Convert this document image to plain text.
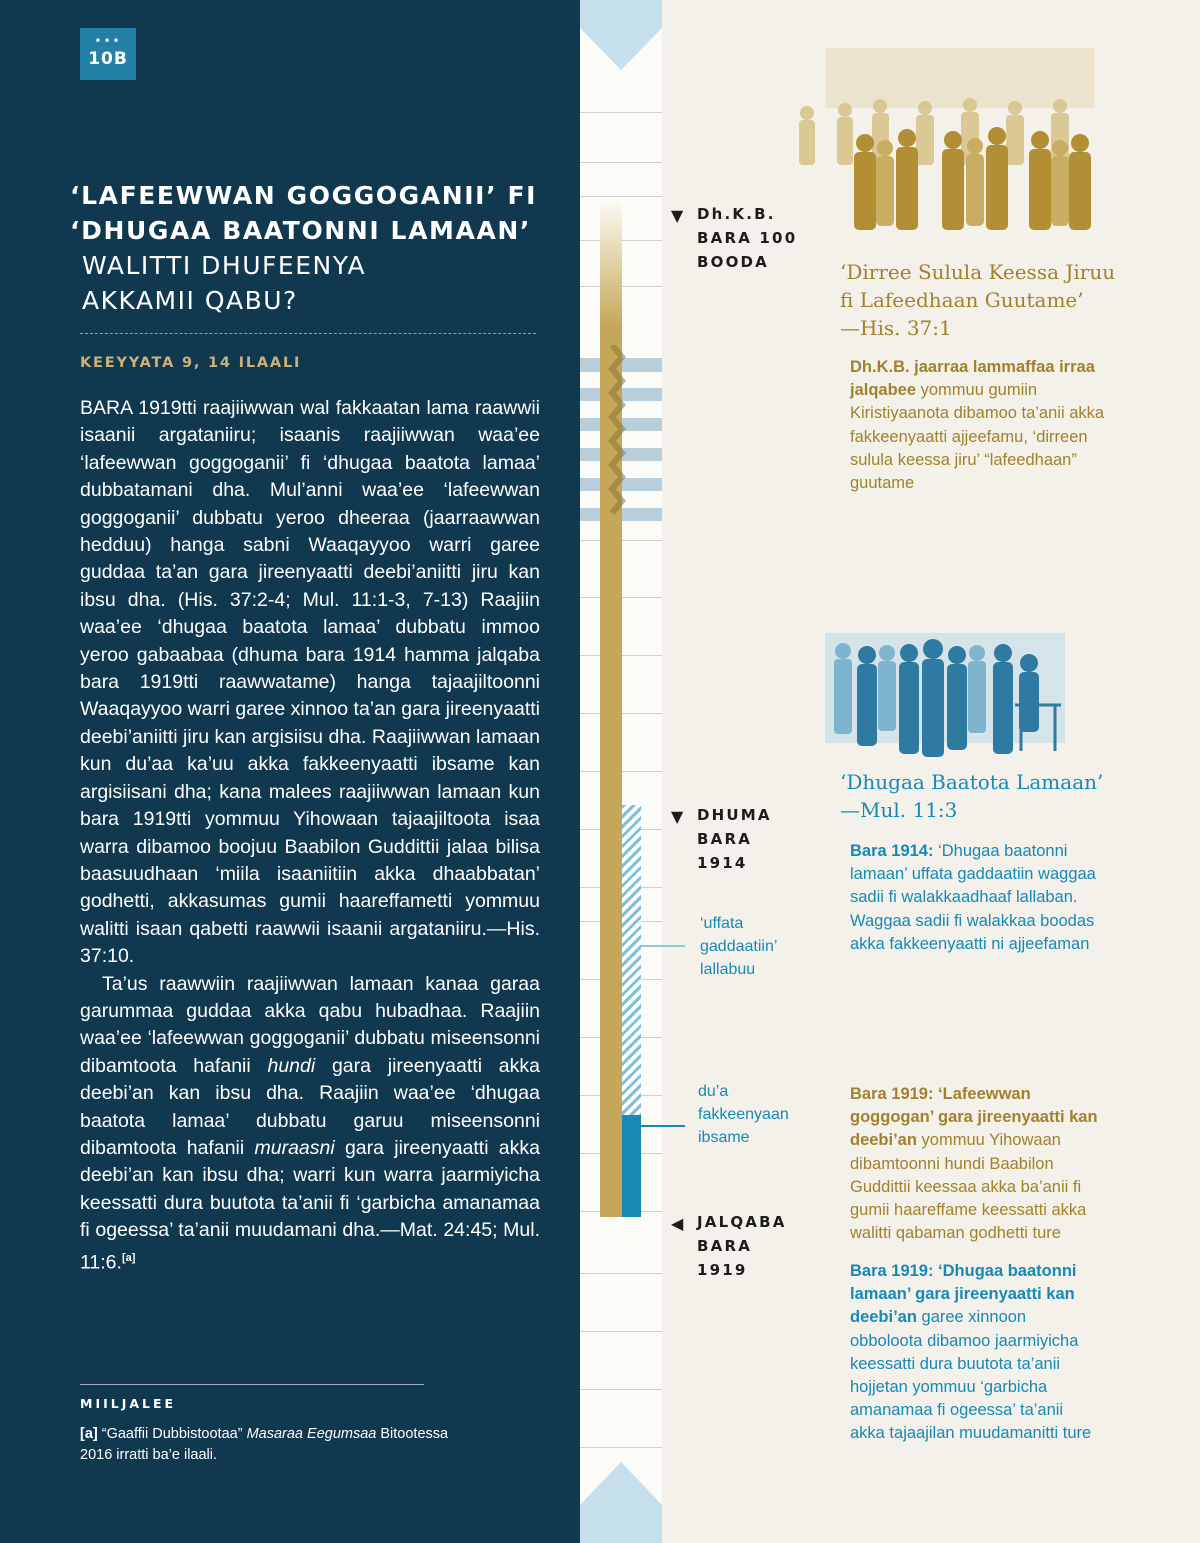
•••
10B
‘LAFEEWWAN GOGGOGANII’ FI
‘DHUGAA BAATONNI LAMAAN’
WALITTI DHUFEENYA
AKKAMII QABU?
KEEYYATA 9, 14 ILAALI

BARA 1919tti raajiiwwan wal fakkaatan lama raawwii isaanii argataniiru; isaanis raajiiwwan waa’ee ‘lafeewwan goggoganii’ fi ‘dhugaa baatota lamaa’ dubbatamani dha. Mul’anni waa’ee ‘lafeewwan goggoganii’ dubbatu yeroo dheeraa (jaarraawwan hedduu) hanga sabni Waaqayyoo warri garee guddaa ta’an gara jireenyaatti deebi’aniitti jiru kan ibsu dha. (His. 37:2-4; Mul. 11:1-3, 7-13) Raajiin waa’ee ‘dhugaa baatota lamaa’ dubbatu immoo yeroo gabaabaa (dhuma bara 1914 hamma jalqaba bara 1919tti raawwatame) hanga tajaajiltoonni Waaqayyoo warri garee xinnoo ta’an gara jireenyaatti deebi’aniitti jiru kan argisiisu dha. Raajiiwwan lamaan kun du’aa ka’uu akka fakkeenyaatti ibsame kan argisiisani dha; kana malees raajiiwwan lamaan kun bara 1919tti yommuu Yihowaan tajaajiltoota isaa warra dibamoo boojuu Baabilon Guddittii jalaa bilisa baasuudhaan ‘miila isaaniitiin akka dhaabbatan’ godhetti, akkasumas gumii haareffametti yommuu walitti isaan qabetti raawwii isaanii argataniiru.—His. 37:10.

Ta’us raawwiin raajiiwwan lamaan kanaa garaa garummaa guddaa akka qabu hubadhaa. Raajiin waa’ee ‘lafeewwan goggoganii’ dubbatu miseensonni dibamtoota hafanii hundi gara jireenyaatti akka deebi’an kan ibsu dha. Raajiin waa’ee ‘dhugaa baatota lamaa’ dubbatu garuu miseensonni dibamtoota hafanii muraasni gara jireenyaatti akka deebi’an kan ibsu dha; warri kun warra jaarmiyicha keessatti dura buutota ta’anii fi ‘garbicha amanamaa fi ogeessa’ ta’anii muudamani dha.—Mat. 24:45; Mul. 11:6.[a]

MIILJALEE
[a] “Gaaffii Dubbistootaa” Masaraa Eegumsaa Bitootessa 2016 irratti ba’e ilaali.
▼ Dh.K.B.
BARA 100
BOODA
▼ DHUMA
BARA
1914
◀ JALQABA
BARA
1919
‘uffata
gaddaatiin’
lallabuu
du’a
fakkeenyaan
ibsame
‘Dirree Sulula Keessa Jiruu
fi Lafeedhaan Guutame’
—His. 37:1
Dh.K.B. jaarraa lammaffaa irraa jalqabee yommuu gumiin Kiristiyaanota dibamoo ta’anii akka fakkeenyaatti ajjeefamu, ‘dirreen sulula keessa jiru’ “lafeedhaan” guutame
‘Dhugaa Baatota Lamaan’
—Mul. 11:3
Bara 1914: ‘Dhugaa baatonni lamaan’ uffata gaddaatiin waggaa sadii fi walakkaadhaaf lallaban. Waggaa sadii fi walakkaa boodas akka fakkeenyaatti ni ajjeefaman
Bara 1919: ‘Lafeewwan goggogan’ gara jireenyaatti kan deebi’an yommuu Yihowaan dibamtoonni hundi Baabilon Guddittii keessaa akka ba’anii fi gumii haareffame keessatti akka walitti qabaman godhetti ture
Bara 1919: ‘Dhugaa baatonni lamaan’ gara jireenyaatti kan deebi’an garee xinnoon obboloota dibamoo jaarmiyicha keessatti dura buutota ta’anii hojjetan yommuu ‘garbicha amanamaa fi ogeessa’ ta’anii akka tajaajilan muudamanitti ture
